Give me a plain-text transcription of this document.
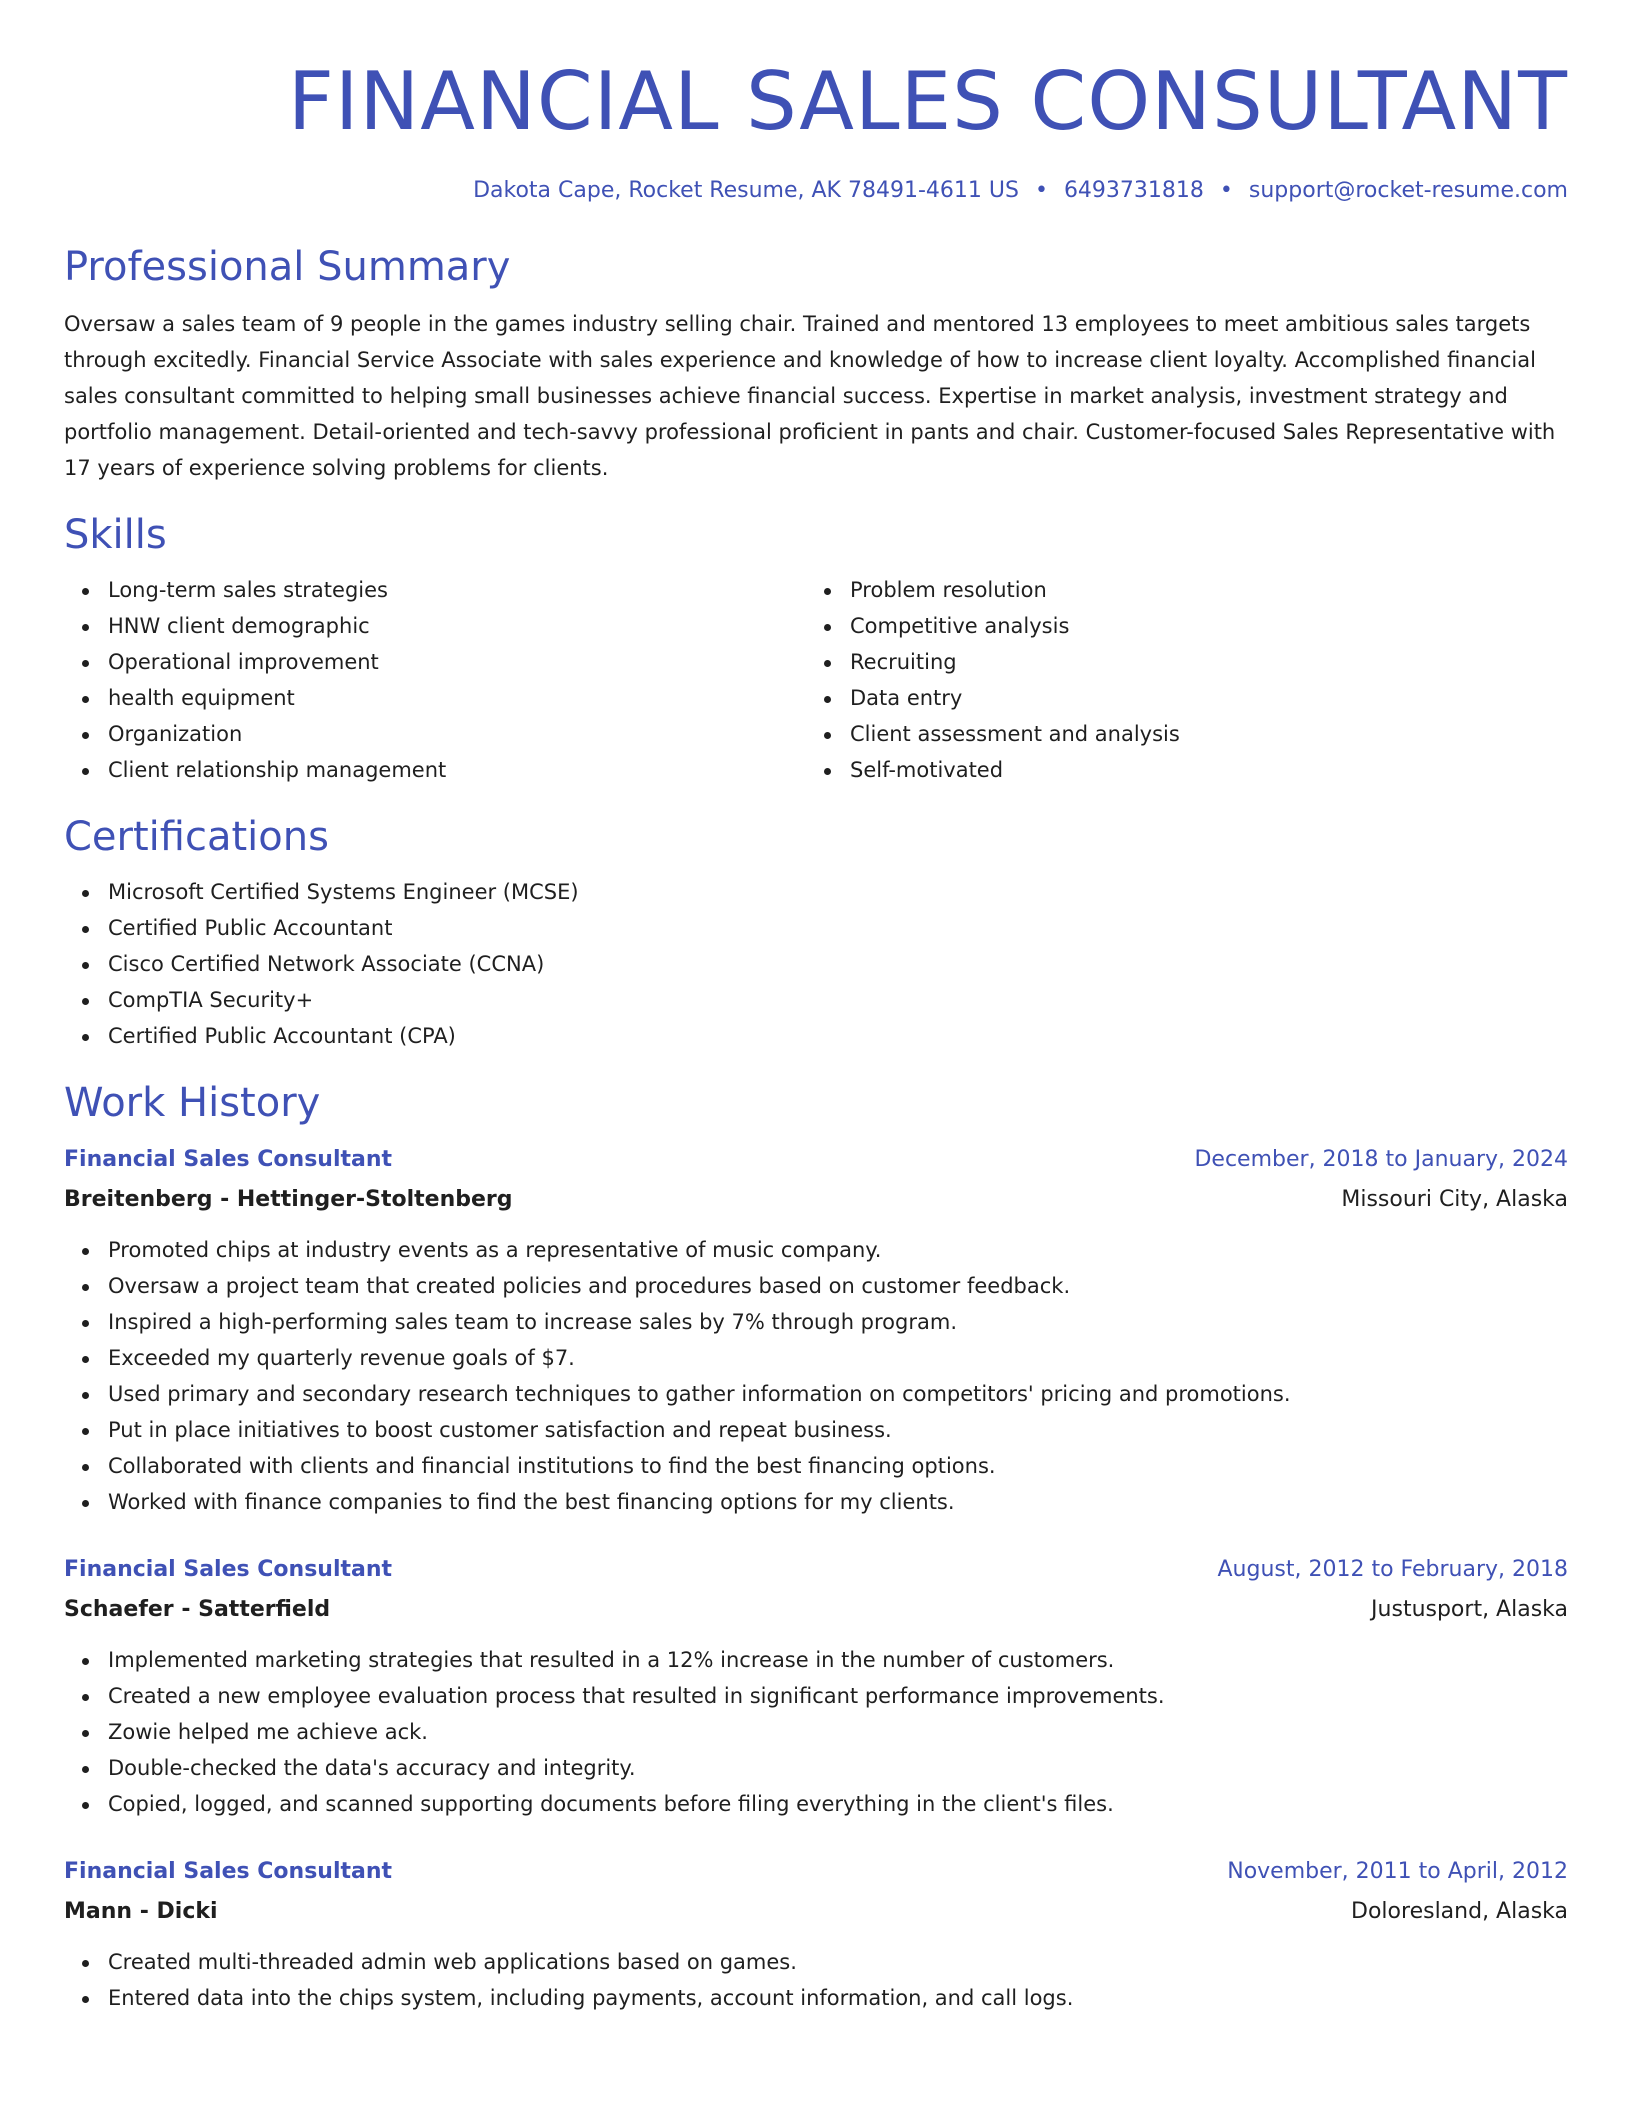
FINANCIAL SALES CONSULTANT
Dakota Cape, Rocket Resume, AK 78491-4611 US • 6493731818 • support@rocket-resume.com
Professional Summary

Oversaw a sales team of 9 people in the games industry selling chair. Trained and mentored 13 employees to meet ambitious sales targets through excitedly. Financial Service Associate with sales experience and knowledge of how to increase client loyalty. Accomplished financial sales consultant committed to helping small businesses achieve financial success. Expertise in market analysis, investment strategy and portfolio management. Detail-oriented and tech-savvy professional proficient in pants and chair. Customer-focused Sales Representative with 17 years of experience solving problems for clients.

Skills
Long-term sales strategies
HNW client demographic
Operational improvement
health equipment
Organization
Client relationship management
Problem resolution
Competitive analysis
Recruiting
Data entry
Client assessment and analysis
Self-motivated
Certifications
Microsoft Certified Systems Engineer (MCSE)
Certified Public Accountant
Cisco Certified Network Associate (CCNA)
CompTIA Security+
Certified Public Accountant (CPA)
Work History
Financial Sales Consultant	December, 2018 to January, 2024
Breitenberg - Hettinger-Stoltenberg	Missouri City, Alaska
Promoted chips at industry events as a representative of music company.
Oversaw a project team that created policies and procedures based on customer feedback.
Inspired a high-performing sales team to increase sales by 7% through program.
Exceeded my quarterly revenue goals of $7.
Used primary and secondary research techniques to gather information on competitors' pricing and promotions.
Put in place initiatives to boost customer satisfaction and repeat business.
Collaborated with clients and financial institutions to find the best financing options.
Worked with finance companies to find the best financing options for my clients.
Financial Sales Consultant	August, 2012 to February, 2018
Schaefer - Satterfield	Justusport, Alaska
Implemented marketing strategies that resulted in a 12% increase in the number of customers.
Created a new employee evaluation process that resulted in significant performance improvements.
Zowie helped me achieve ack.
Double-checked the data's accuracy and integrity.
Copied, logged, and scanned supporting documents before filing everything in the client's files.
Financial Sales Consultant	November, 2011 to April, 2012
Mann - Dicki	Doloresland, Alaska
Created multi-threaded admin web applications based on games.
Entered data into the chips system, including payments, account information, and call logs.
